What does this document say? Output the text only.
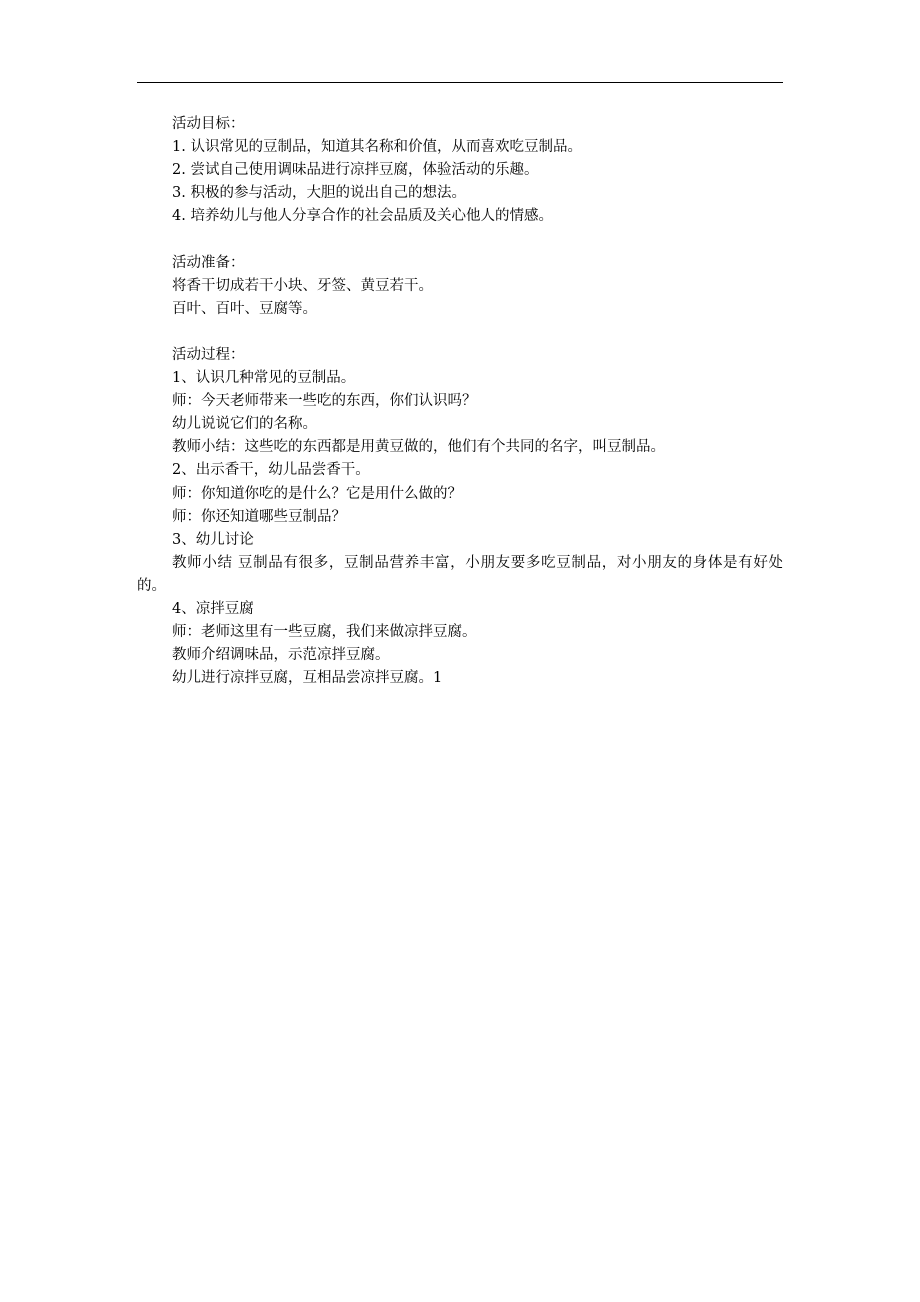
活动目标：
1. 认识常见的豆制品，知道其名称和价值，从而喜欢吃豆制品。
2. 尝试自己使用调味品进行凉拌豆腐，体验活动的乐趣。
3. 积极的参与活动，大胆的说出自己的想法。
4. 培养幼儿与他人分享合作的社会品质及关心他人的情感。
活动准备：
将香干切成若干小块、牙签、黄豆若干。
百叶、百叶、豆腐等。
活动过程：
1、认识几种常见的豆制品。
师：今天老师带来一些吃的东西，你们认识吗？
幼儿说说它们的名称。
教师小结：这些吃的东西都是用黄豆做的，他们有个共同的名字，叫豆制品。
2、出示香干，幼儿品尝香干。
师：你知道你吃的是什么？它是用什么做的？
师：你还知道哪些豆制品？
3、幼儿讨论
教师小结 豆制品有很多，豆制品营养丰富，小朋友要多吃豆制品，对小朋友的身体是有好处的。
4、凉拌豆腐
师：老师这里有一些豆腐，我们来做凉拌豆腐。
教师介绍调味品，示范凉拌豆腐。
幼儿进行凉拌豆腐，互相品尝凉拌豆腐。1
